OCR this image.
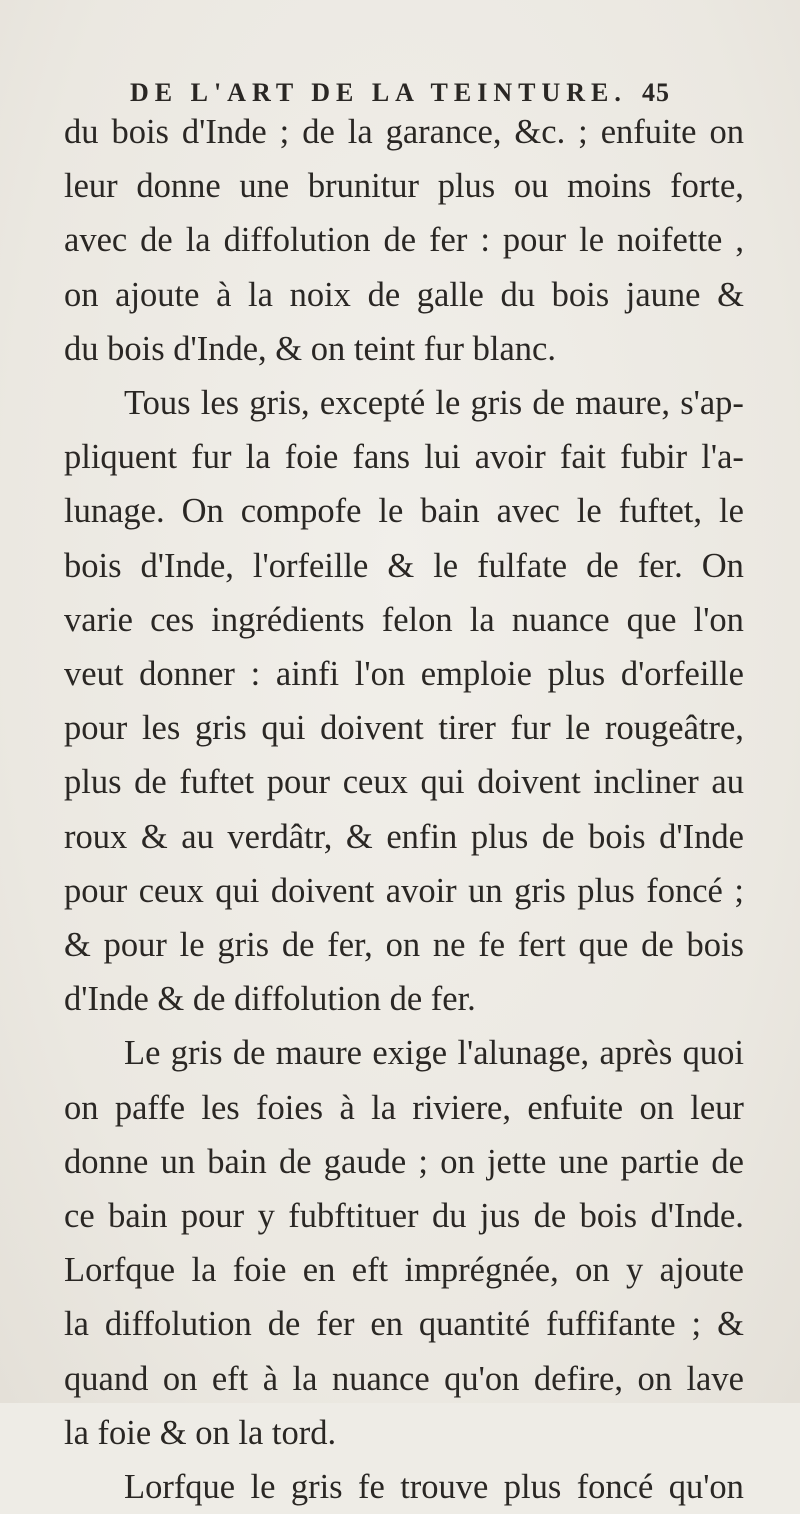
DE L'ART DE LA TEINTURE. 45
du bois d'Inde ; de la garance, &c. ; enfuite on
leur donne une brunitur plus ou moins forte,
avec de la diffolution de fer : pour le noifette ,
on ajoute à la noix de galle du bois jaune &
du bois d'Inde, & on teint fur blanc.
Tous les gris, excepté le gris de maure, s'ap-
pliquent fur la foie fans lui avoir fait fubir l'a-
lunage. On compofe le bain avec le fuftet, le
bois d'Inde, l'orfeille & le fulfate de fer. On
varie ces ingrédients felon la nuance que l'on
veut donner : ainfi l'on emploie plus d'orfeille
pour les gris qui doivent tirer fur le rougeâtre,
plus de fuftet pour ceux qui doivent incliner au
roux & au verdâtr, & enfin plus de bois d'Inde
pour ceux qui doivent avoir un gris plus foncé ;
& pour le gris de fer, on ne fe fert que de bois
d'Inde & de diffolution de fer.
Le gris de maure exige l'alunage, après quoi
on paffe les foies à la riviere, enfuite on leur
donne un bain de gaude ; on jette une partie de
ce bain pour y fubftituer du jus de bois d'Inde.
Lorfque la foie en eft imprégnée, on y ajoute
la diffolution de fer en quantité fuffifante ; &
quand on eft à la nuance qu'on defire, on lave
la foie & on la tord.
Lorfque le gris fe trouve plus foncé qu'on
